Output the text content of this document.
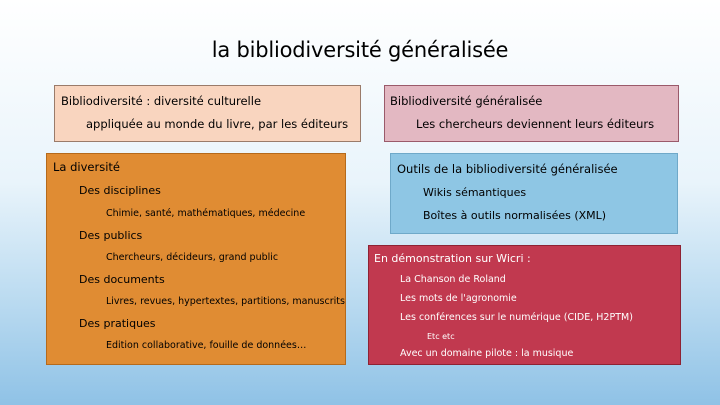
la bibliodiversité généralisée
Bibliodiversité : diversité culturelle
appliquée au monde du livre, par les éditeurs
Bibliodiversité généralisée
Les chercheurs deviennent leurs éditeurs
La diversité
Des disciplines
Chimie, santé, mathématiques, médecine
Des publics
Chercheurs, décideurs, grand public
Des documents
Livres, revues, hypertextes, partitions, manuscrits
Des pratiques
Edition collaborative, fouille de données…
Outils de la bibliodiversité généralisée
Wikis sémantiques
Boîtes à outils normalisées (XML)
En démonstration sur Wicri :
La Chanson de Roland
Les mots de l'agronomie
Les conférences sur le numérique (CIDE, H2PTM)
Etc etc
Avec un domaine pilote : la musique
